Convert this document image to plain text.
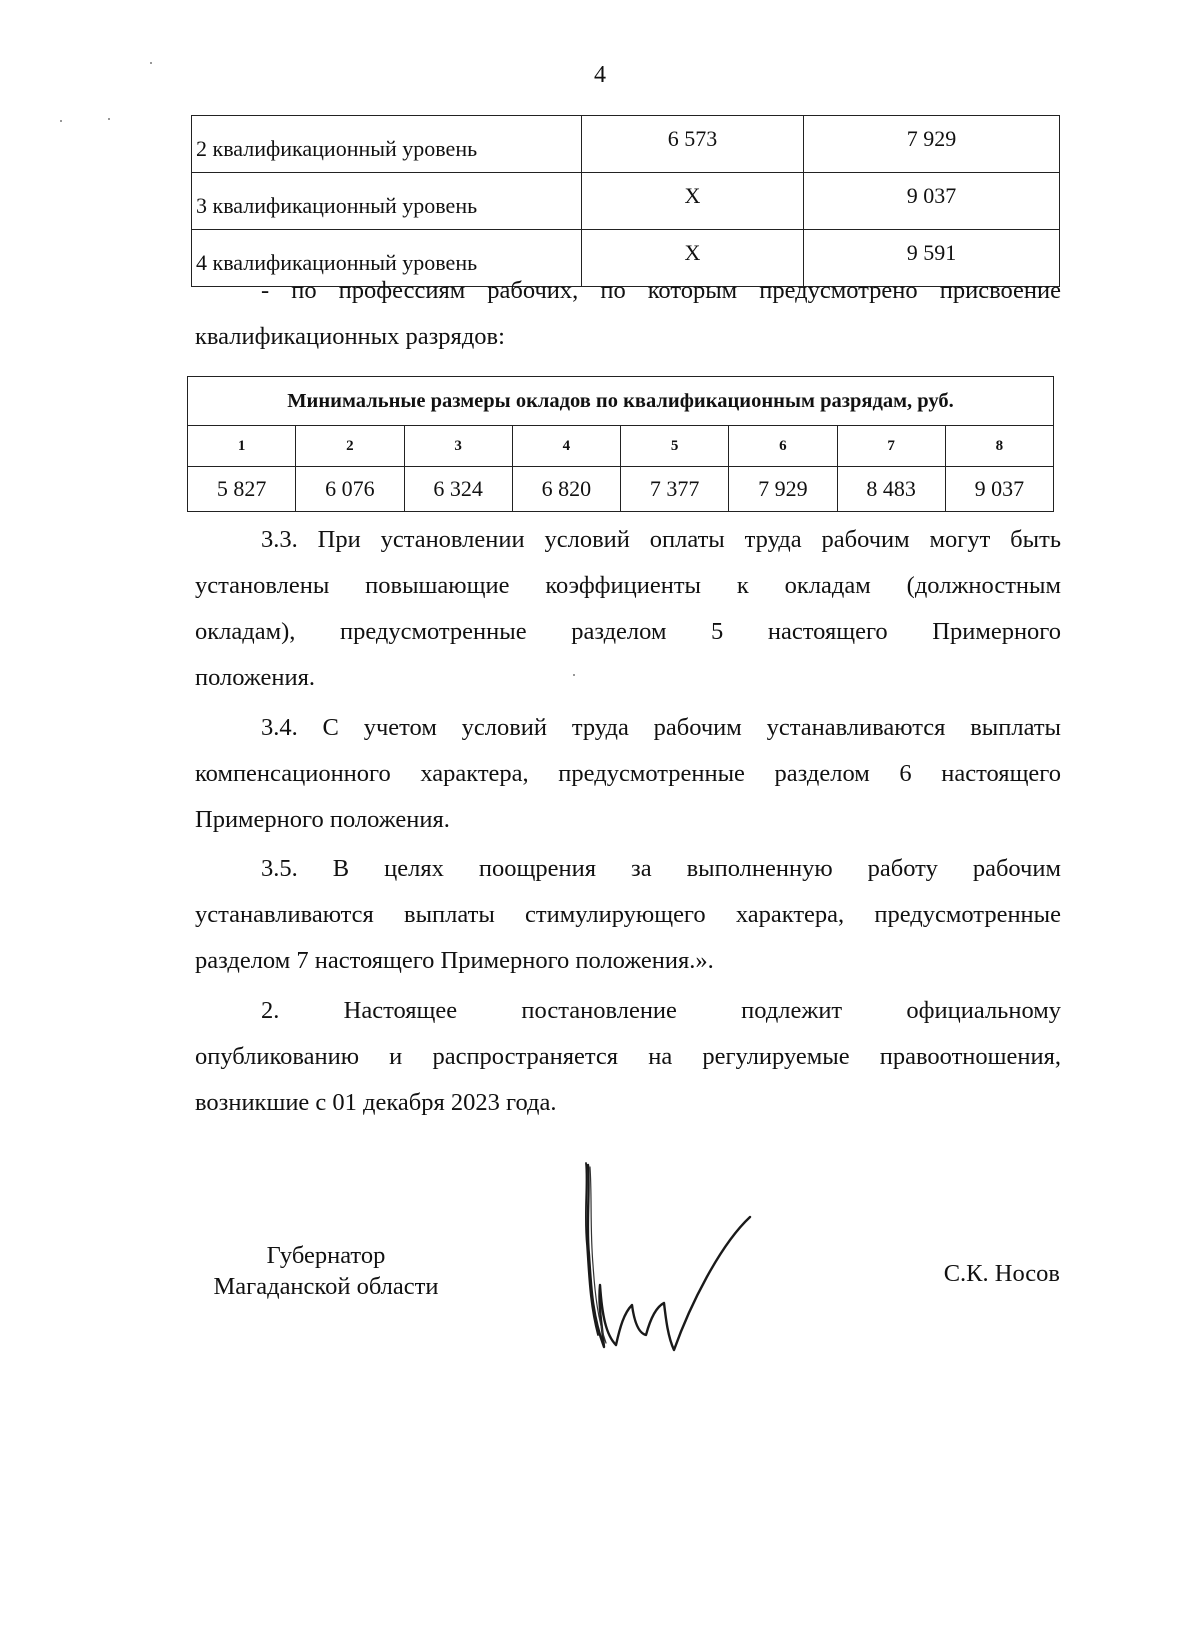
4
2 квалификационный уровень	6 573	7 929
3 квалификационный уровень	Х	9 037
4 квалификационный уровень	Х	9 591

- по профессиям рабочих, по которым предусмотрено присвоение
квалификационных разрядов:

Минимальные размеры окладов по квалификационным разрядам, руб.							
1	2	3	4	5	6	7	8
5 827	6 076	6 324	6 820	7 377	7 929	8 483	9 037

3.3. При установлении условий оплаты труда рабочим могут быть
установлены повышающие коэффициенты к окладам (должностным
окладам), предусмотренные разделом 5 настоящего Примерного
положения.

3.4. С учетом условий труда рабочим устанавливаются выплаты
компенсационного характера, предусмотренные разделом 6 настоящего
Примерного положения.

3.5. В целях поощрения за выполненную работу рабочим
устанавливаются выплаты стимулирующего характера, предусмотренные
разделом 7 настоящего Примерного положения.».

2. Настоящее постановление подлежит официальному
опубликованию и распространяется на регулируемые правоотношения,
возникшие с 01 декабря 2023 года.

Губернатор
Магаданской области	С.К. Носов
